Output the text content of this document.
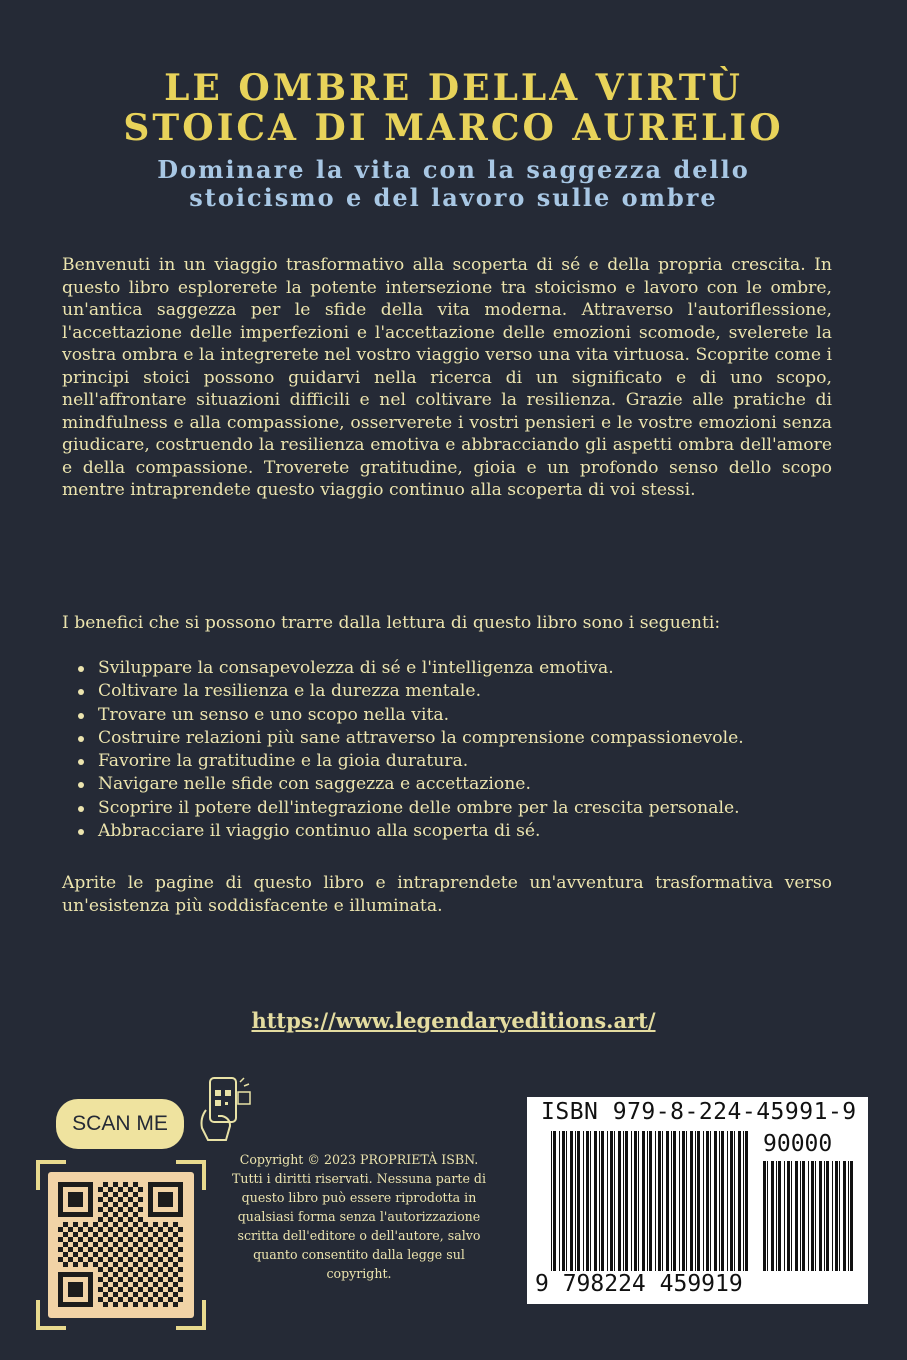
LE OMBRE DELLA VIRTÙ
STOICA DI MARCO AURELIO
Dominare la vita con la saggezza dello
stoicismo e del lavoro sulle ombre

Benvenuti in un viaggio trasformativo alla scoperta di sé e della propria crescita. In questo libro esplorerete la potente intersezione tra stoicismo e lavoro con le ombre, un'antica saggezza per le sfide della vita moderna. Attraverso l'autoriflessione, l'accettazione delle imperfezioni e l'accettazione delle emozioni scomode, svelerete la vostra ombra e la integrerete nel vostro viaggio verso una vita virtuosa. Scoprite come i principi stoici possono guidarvi nella ricerca di un significato e di uno scopo, nell'affrontare situazioni difficili e nel coltivare la resilienza. Grazie alle pratiche di mindfulness e alla compassione, osserverete i vostri pensieri e le vostre emozioni senza giudicare, costruendo la resilienza emotiva e abbracciando gli aspetti ombra dell'amore e della compassione. Troverete gratitudine, gioia e un profondo senso dello scopo mentre intraprendete questo viaggio continuo alla scoperta di voi stessi.

I benefici che si possono trarre dalla lettura di questo libro sono i seguenti:

Sviluppare la consapevolezza di sé e l'intelligenza emotiva.
Coltivare la resilienza e la durezza mentale.
Trovare un senso e uno scopo nella vita.
Costruire relazioni più sane attraverso la comprensione compassionevole.
Favorire la gratitudine e la gioia duratura.
Navigare nelle sfide con saggezza e accettazione.
Scoprire il potere dell'integrazione delle ombre per la crescita personale.
Abbracciare il viaggio continuo alla scoperta di sé.

Aprite le pagine di questo libro e intraprendete un'avventura trasformativa verso un'esistenza più soddisfacente e illuminata.

https://www.legendaryeditions.art/
SCAN ME

Copyright © 2023 PROPRIETÀ ISBN. Tutti i diritti riservati. Nessuna parte di questo libro può essere riprodotta in qualsiasi forma senza l'autorizzazione scritta dell'editore o dell'autore, salvo quanto consentito dalla legge sul copyright.

ISBN 979-8-224-45991-9
90000
9 798224 459919
